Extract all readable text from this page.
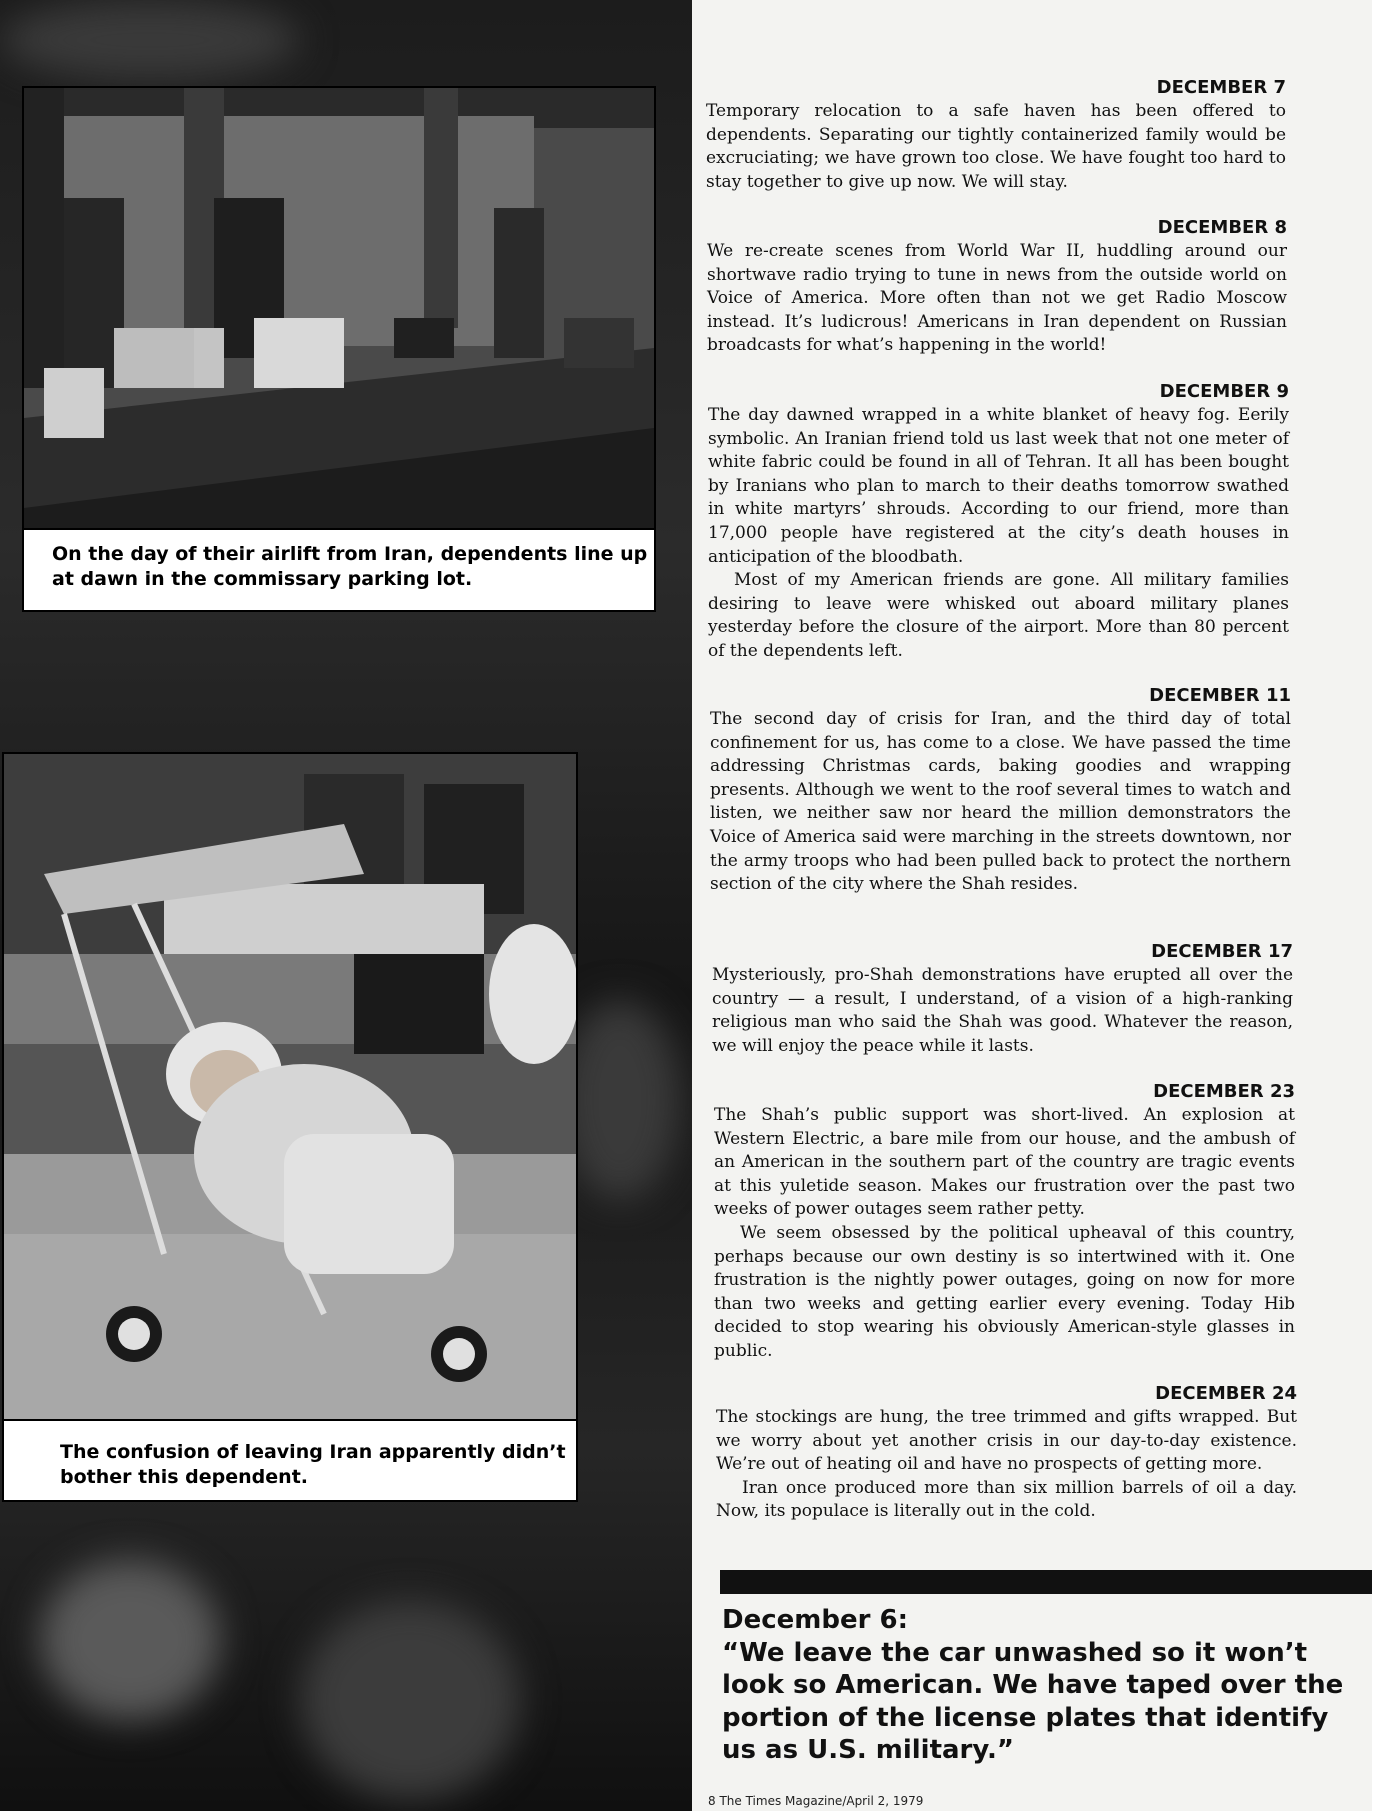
On the day of their airlift from Iran, dependents line up at dawn in the commissary parking lot.
The confusion of leaving Iran apparently didn’t bother this dependent.
DECEMBER 7

Temporary relocation to a safe haven has been offered to dependents. Separating our tightly containerized family would be excruciating; we have grown too close. We have fought too hard to stay together to give up now. We will stay.

DECEMBER 8

We re-create scenes from World War II, huddling around our shortwave radio trying to tune in news from the outside world on Voice of America. More often than not we get Radio Moscow instead. It’s ludicrous! Americans in Iran dependent on Russian broadcasts for what’s happening in the world!

DECEMBER 9

The day dawned wrapped in a white blanket of heavy fog. Eerily symbolic. An Iranian friend told us last week that not one meter of white fabric could be found in all of Tehran. It all has been bought by Iranians who plan to march to their deaths tomorrow swathed in white martyrs’ shrouds. According to our friend, more than 17,000 people have registered at the city’s death houses in anticipation of the bloodbath.

Most of my American friends are gone. All military families desiring to leave were whisked out aboard military planes yesterday before the closure of the airport. More than 80 percent of the dependents left.

DECEMBER 11

The second day of crisis for Iran, and the third day of total confinement for us, has come to a close. We have passed the time addressing Christmas cards, baking goodies and wrapping presents. Although we went to the roof several times to watch and listen, we neither saw nor heard the million demonstrators the Voice of America said were marching in the streets downtown, nor the army troops who had been pulled back to protect the northern section of the city where the Shah resides.

DECEMBER 17

Mysteriously, pro-Shah demonstrations have erupted all over the country — a result, I understand, of a vision of a high-ranking religious man who said the Shah was good. Whatever the reason, we will enjoy the peace while it lasts.

DECEMBER 23

The Shah’s public support was short-lived. An explosion at Western Electric, a bare mile from our house, and the ambush of an American in the southern part of the country are tragic events at this yuletide season. Makes our frustration over the past two weeks of power outages seem rather petty.

We seem obsessed by the political upheaval of this country, perhaps because our own destiny is so intertwined with it. One frustration is the nightly power outages, going on now for more than two weeks and getting earlier every evening. Today Hib decided to stop wearing his obviously American-style glasses in public.

DECEMBER 24

The stockings are hung, the tree trimmed and gifts wrapped. But we worry about yet another crisis in our day-to-day existence. We’re out of heating oil and have no prospects of getting more.

Iran once produced more than six million barrels of oil a day. Now, its populace is literally out in the cold.

December 6:
“We leave the car unwashed so it won’t look so American. We have taped over the portion of the license plates that identify us as U.S. military.”
8 The Times Magazine/April 2, 1979
